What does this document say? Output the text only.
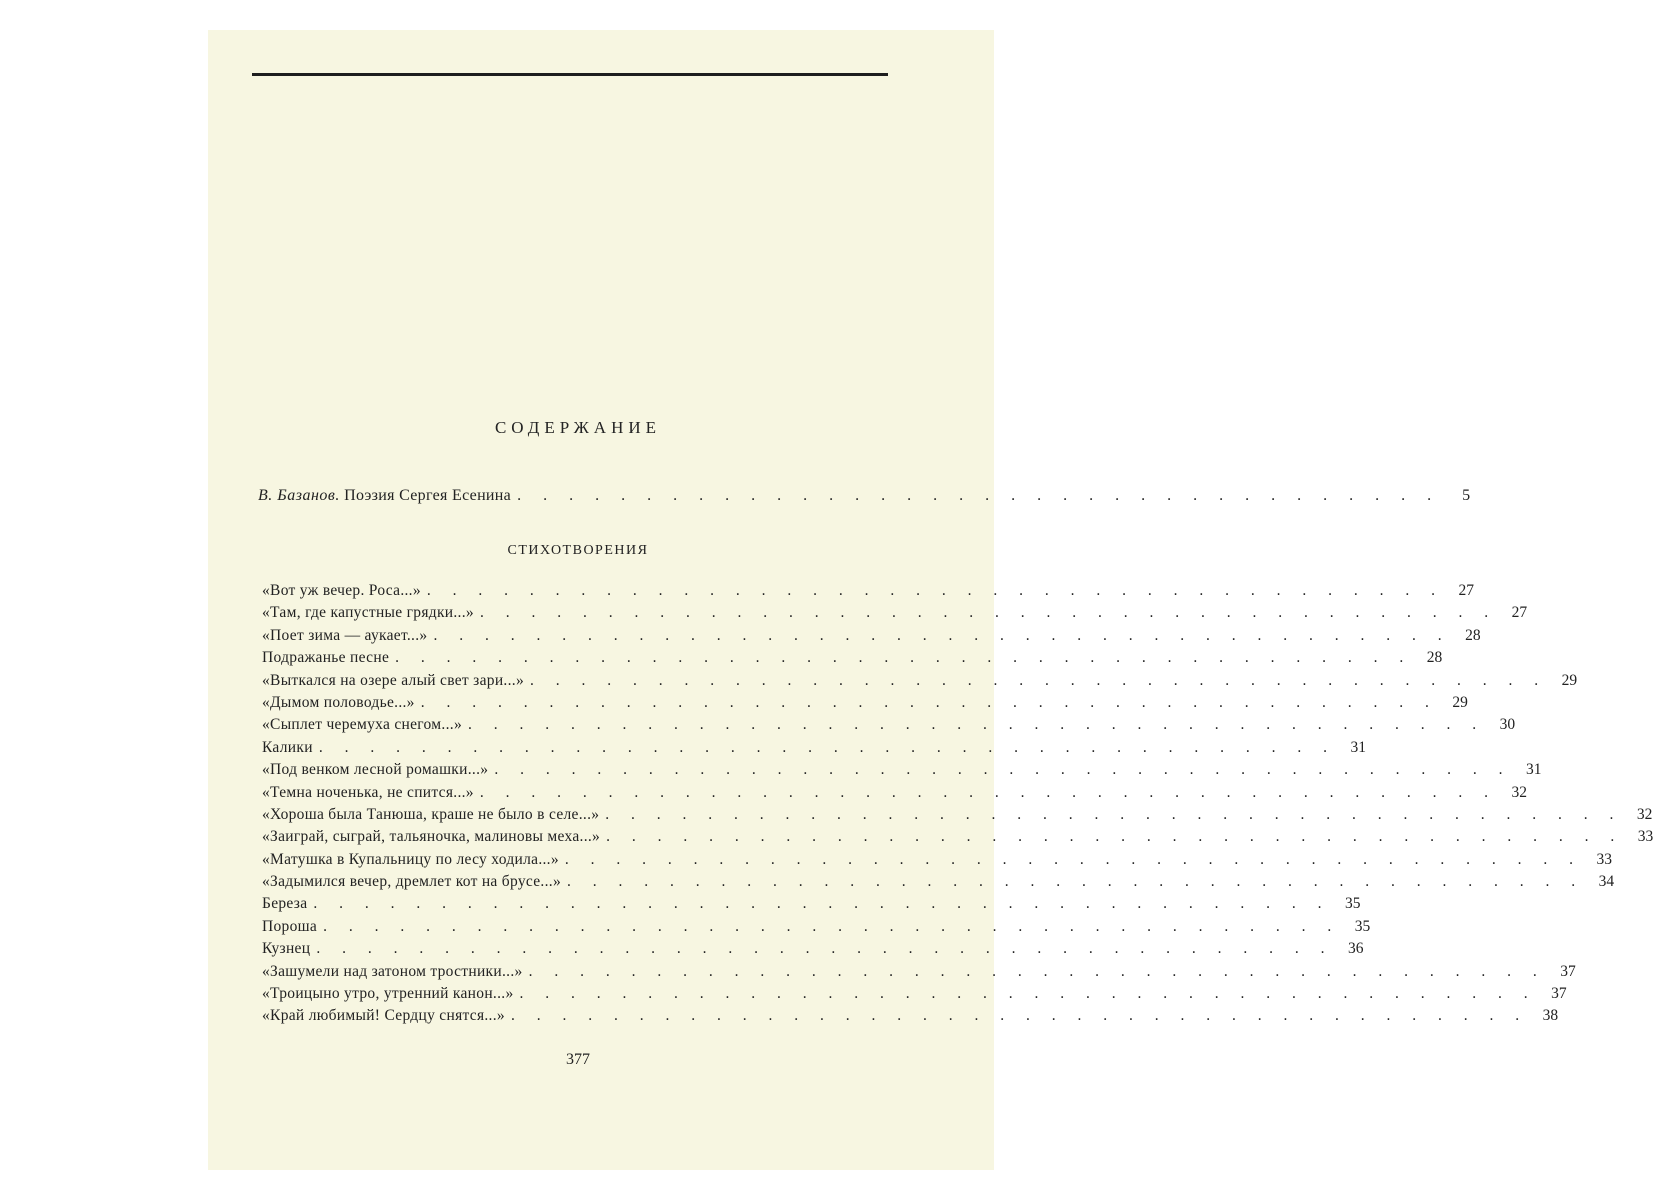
СОДЕРЖАНИЕ
В. Базанов. Поэзия Сергея Есенина . . . . . . . . . . . . . . . . . . . . . . . . . . . . . . . . . . . .	5
СТИХОТВОРЕНИЯ
«Вот уж вечер. Роса...» . . . . . . . . . . . . . . . . . . . . . . . . . . . . . . . . . . . . . . . . 27
«Там, где капустные грядки...» . . . . . . . . . . . . . . . . . . . . . . . . . . . . . . . . . . . . . . . . 27
«Поет зима — аукает...» . . . . . . . . . . . . . . . . . . . . . . . . . . . . . . . . . . . . . . . . 28
Подражанье песне . . . . . . . . . . . . . . . . . . . . . . . . . . . . . . . . . . . . . . . . 28
«Выткался на озере алый свет зари...» . . . . . . . . . . . . . . . . . . . . . . . . . . . . . . . . . . . . . . . . 29
«Дымом половодье...» . . . . . . . . . . . . . . . . . . . . . . . . . . . . . . . . . . . . . . . . 29
«Сыплет черемуха снегом...» . . . . . . . . . . . . . . . . . . . . . . . . . . . . . . . . . . . . . . . . 30
Калики . . . . . . . . . . . . . . . . . . . . . . . . . . . . . . . . . . . . . . . . 31
«Под венком лесной ромашки...» . . . . . . . . . . . . . . . . . . . . . . . . . . . . . . . . . . . . . . . . 31
«Темна ноченька, не спится...» . . . . . . . . . . . . . . . . . . . . . . . . . . . . . . . . . . . . . . . . 32
«Хороша была Танюша, краше не было в селе...» . . . . . . . . . . . . . . . . . . . . . . . . . . . . . . . . . . . . . . . . 32
«Заиграй, сыграй, тальяночка, малиновы меха...» . . . . . . . . . . . . . . . . . . . . . . . . . . . . . . . . . . . . . . . . 33
«Матушка в Купальницу по лесу ходила...» . . . . . . . . . . . . . . . . . . . . . . . . . . . . . . . . . . . . . . . . 33
«Задымился вечер, дремлет кот на брусе...» . . . . . . . . . . . . . . . . . . . . . . . . . . . . . . . . . . . . . . . . 34
Береза . . . . . . . . . . . . . . . . . . . . . . . . . . . . . . . . . . . . . . . . 35
Пороша . . . . . . . . . . . . . . . . . . . . . . . . . . . . . . . . . . . . . . . . 35
Кузнец . . . . . . . . . . . . . . . . . . . . . . . . . . . . . . . . . . . . . . . . 36
«Зашумели над затоном тростники...» . . . . . . . . . . . . . . . . . . . . . . . . . . . . . . . . . . . . . . . . 37
«Троицыно утро, утренний канон...» . . . . . . . . . . . . . . . . . . . . . . . . . . . . . . . . . . . . . . . . 37
«Край любимый! Сердцу снятся...» . . . . . . . . . . . . . . . . . . . . . . . . . . . . . . . . . . . . . . . . 38
377
